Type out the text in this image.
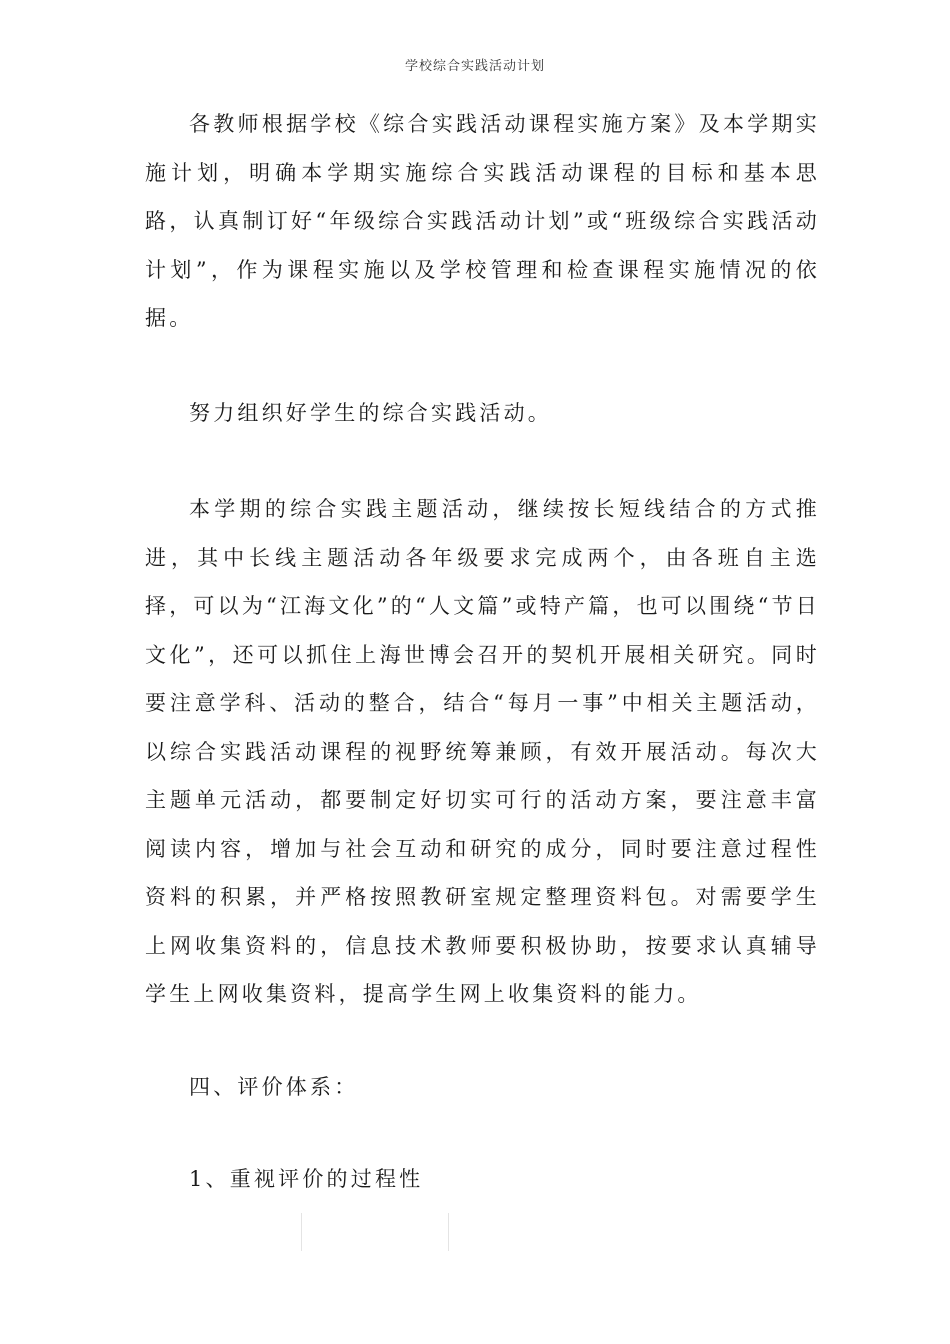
学校综合实践活动计划

各教师根据学校《综合实践活动课程实施方案》及本学期实施计划，明确本学期实施综合实践活动课程的目标和基本思路，认真制订好“年级综合实践活动计划”或“班级综合实践活动计划”，作为课程实施以及学校管理和检查课程实施情况的依据。

努力组织好学生的综合实践活动。

本学期的综合实践主题活动，继续按长短线结合的方式推进，其中长线主题活动各年级要求完成两个，由各班自主选择，可以为“江海文化”的“人文篇”或特产篇，也可以围绕“节日文化”，还可以抓住上海世博会召开的契机开展相关研究。同时要注意学科、活动的整合，结合“每月一事”中相关主题活动，以综合实践活动课程的视野统筹兼顾，有效开展活动。每次大主题单元活动，都要制定好切实可行的活动方案，要注意丰富阅读内容，增加与社会互动和研究的成分，同时要注意过程性资料的积累，并严格按照教研室规定整理资料包。对需要学生上网收集资料的，信息技术教师要积极协助，按要求认真辅导学生上网收集资料，提高学生网上收集资料的能力。

四、评价体系：

1、重视评价的过程性
